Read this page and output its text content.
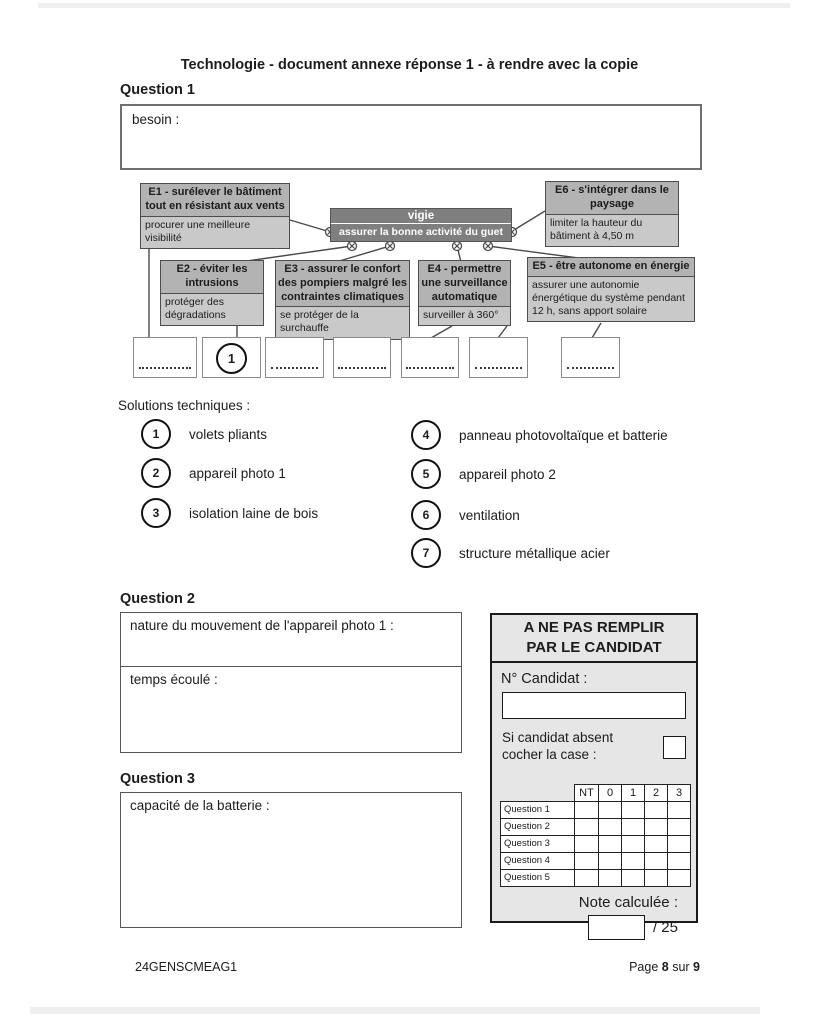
Technologie - document annexe réponse 1 - à rendre avec la copie
Question 1
besoin :
E1 - surélever le bâtiment tout en résistant aux vents
procurer une meilleure visibilité
vigie
assurer la bonne activité du guet
E6 - s'intégrer dans le paysage
limiter la hauteur du bâtiment à 4,50 m
E2 - éviter les intrusions
protéger des dégradations
E3 - assurer le confort des pompiers malgré les contraintes climatiques
se protéger de la surchauffe
E4 - permettre une surveillance automatique
surveiller à 360°
E5 - être autonome en énergie
assurer une autonomie énergétique du système pendant 12 h, sans apport solaire
1
Solutions techniques :
1	volets pliants
2	appareil photo 1
3	isolation laine de bois
4	panneau photovoltaïque et batterie
5	appareil photo 2
6	ventilation
7	structure métallique acier
Question 2
nature du mouvement de l'appareil photo 1 :
temps écoulé :
Question 3
capacité de la batterie :
A NE PAS REMPLIR
PAR LE CANDIDAT
N° Candidat :
Si candidat absent
cocher la case :
	NT	0	1	2	3
Question 1					
Question 2					
Question 3					
Question 4					
Question 5					
Note calculée :
/ 25
24GENSCMEAG1	Page 8 sur 9
